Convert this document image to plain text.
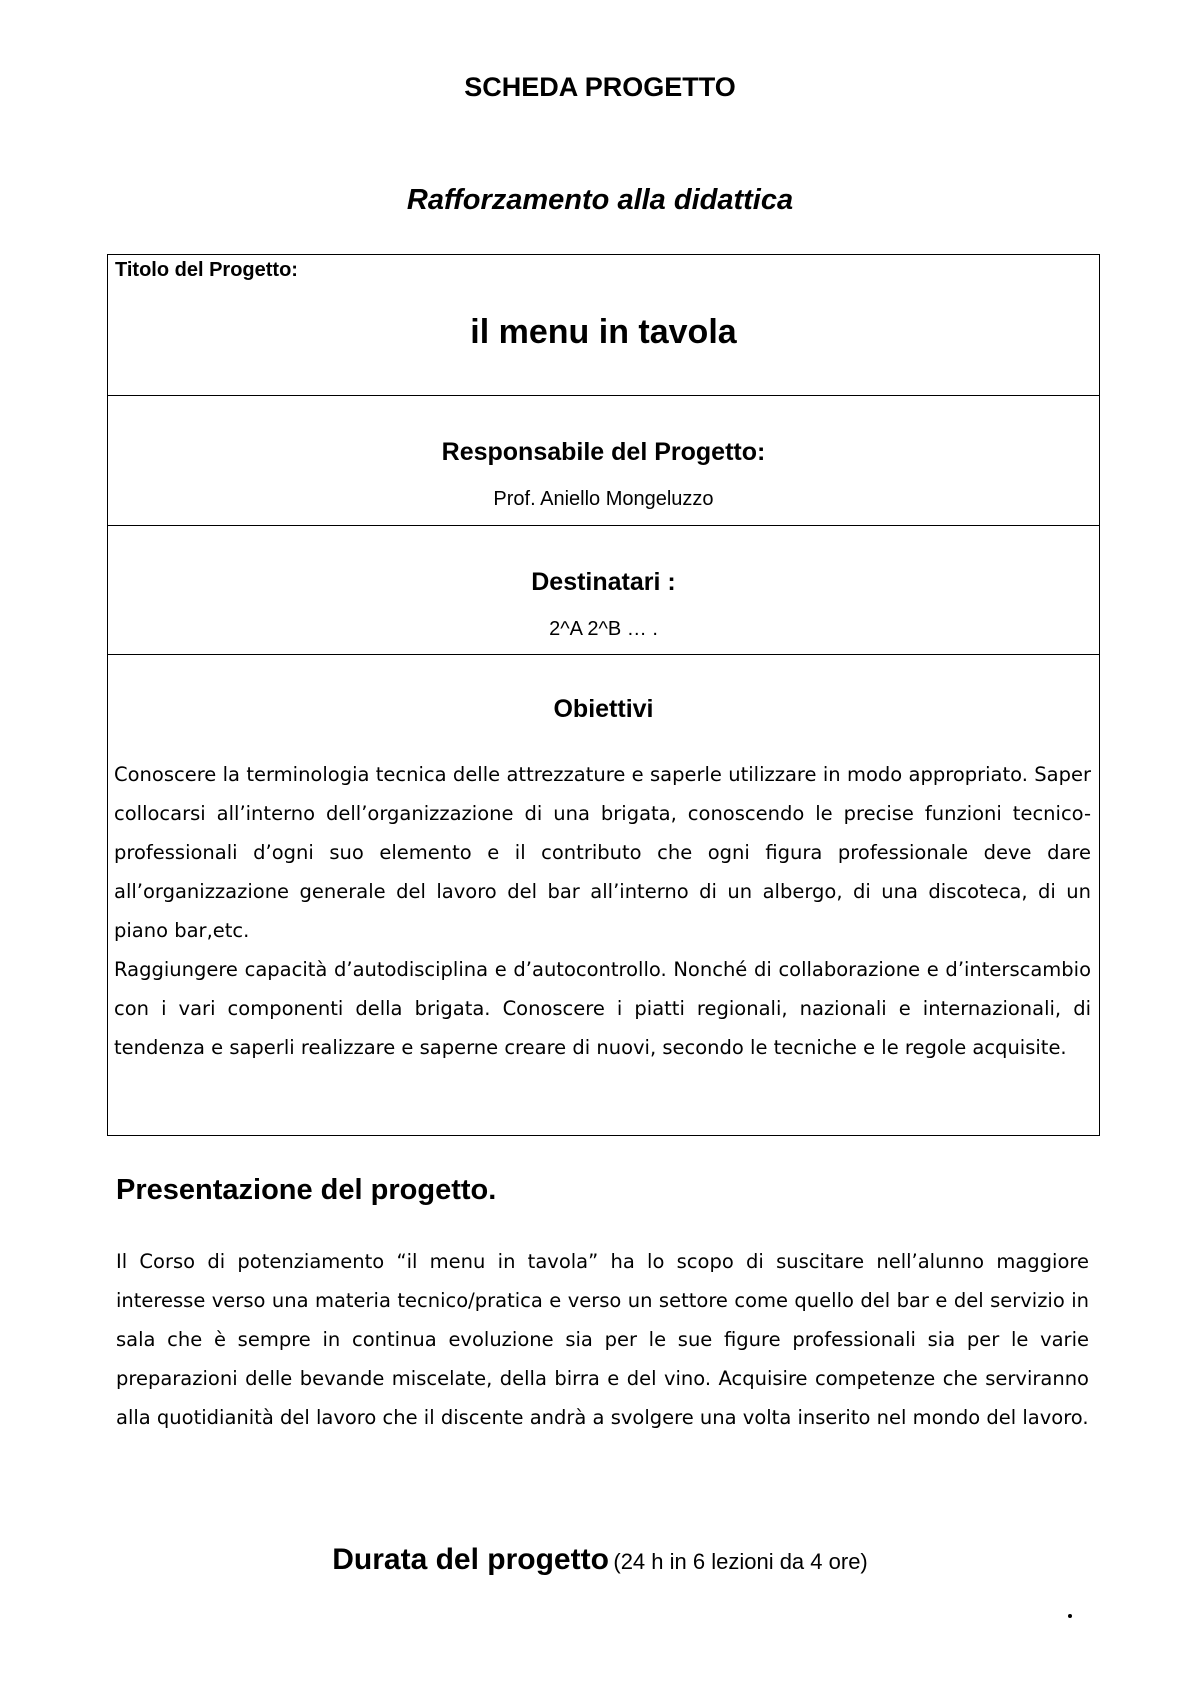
SCHEDA PROGETTO
Rafforzamento alla didattica
Titolo del Progetto:
il menu in tavola
Responsabile del Progetto:
Prof. Aniello Mongeluzzo
Destinatari :
2^A 2^B … .
Obiettivi

Conoscere la terminologia tecnica delle attrezzature e saperle utilizzare in modo appropriato. Saper collocarsi all’interno dell’organizzazione di una brigata, conoscendo le precise funzioni tecnico-professionali d’ogni suo elemento e il contributo che ogni figura professionale deve dare all’organizzazione generale del lavoro del bar all’interno di un albergo, di una discoteca, di un piano bar,etc.

Raggiungere capacità d’autodisciplina e d’autocontrollo. Nonché di collaborazione e d’interscambio con i vari componenti della brigata. Conoscere i piatti regionali, nazionali e internazionali, di tendenza e saperli realizzare e saperne creare di nuovi, secondo le tecniche e le regole acquisite.

Presentazione del progetto.

Il Corso di potenziamento “il menu in tavola” ha lo scopo di suscitare nell’alunno maggiore interesse verso una materia tecnico/pratica e verso un settore come quello del bar e del servizio in sala che è sempre in continua evoluzione sia per le sue figure professionali sia per le varie preparazioni delle bevande miscelate, della birra e del vino. Acquisire competenze che serviranno alla quotidianità del lavoro che il discente andrà a svolgere una volta inserito nel mondo del lavoro.

Durata del progetto (24 h in 6 lezioni da 4 ore)
